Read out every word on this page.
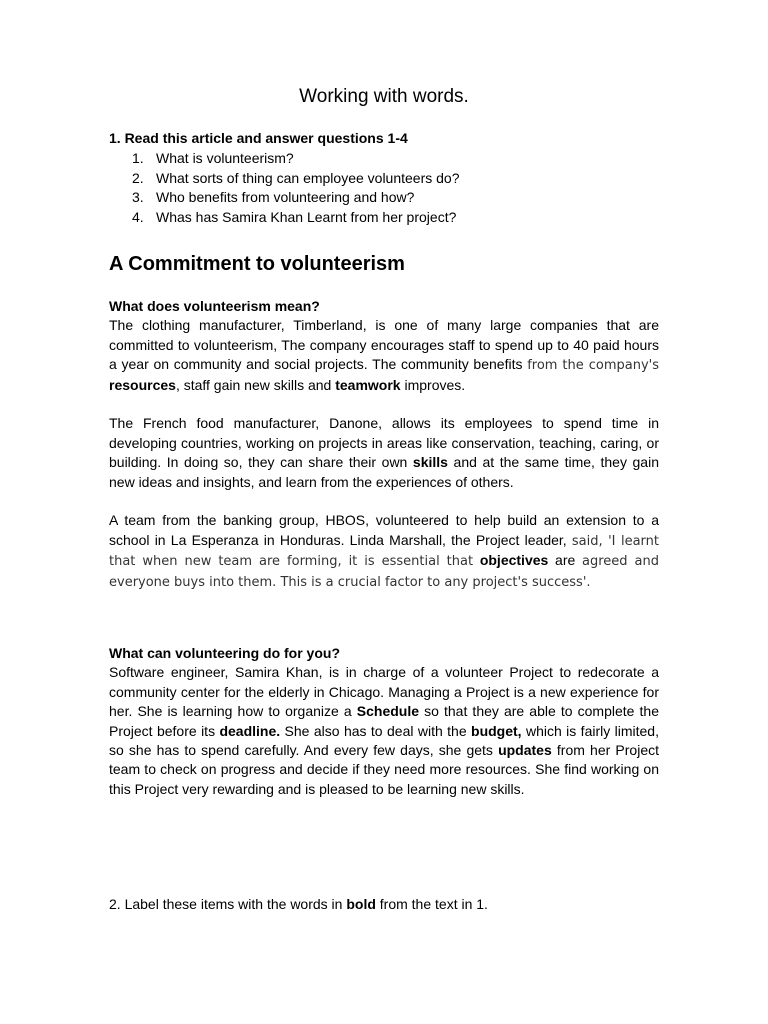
Working with words.

1. Read this article and answer questions 1-4

1. What is volunteerism?
2. What sorts of thing can employee volunteers do?
3. Who benefits from volunteering and how?
4. Whas has Samira Khan Learnt from her project?
A Commitment to volunteerism

What does volunteerism mean?

The clothing manufacturer, Timberland, is one of many large companies that are committed to volunteerism, The company encourages staff to spend up to 40 paid hours a year on community and social projects. The community benefits from the company's resources, staff gain new skills and teamwork improves.

The French food manufacturer, Danone, allows its employees to spend time in developing countries, working on projects in areas like conservation, teaching, caring, or building. In doing so, they can share their own skills and at the same time, they gain new ideas and insights, and learn from the experiences of others.

A team from the banking group, HBOS, volunteered to help build an extension to a school in La Esperanza in Honduras. Linda Marshall, the Project leader, said, 'I learnt that when new team are forming, it is essential that objectives are agreed and everyone buys into them. This is a crucial factor to any project's success'.

What can volunteering do for you?

Software engineer, Samira Khan, is in charge of a volunteer Project to redecorate a community center for the elderly in Chicago. Managing a Project is a new experience for her. She is learning how to organize a Schedule so that they are able to complete the Project before its deadline. She also has to deal with the budget, which is fairly limited, so she has to spend carefully. And every few days, she gets updates from her Project team to check on progress and decide if they need more resources. She find working on this Project very rewarding and is pleased to be learning new skills.

2. Label these items with the words in bold from the text in 1.
